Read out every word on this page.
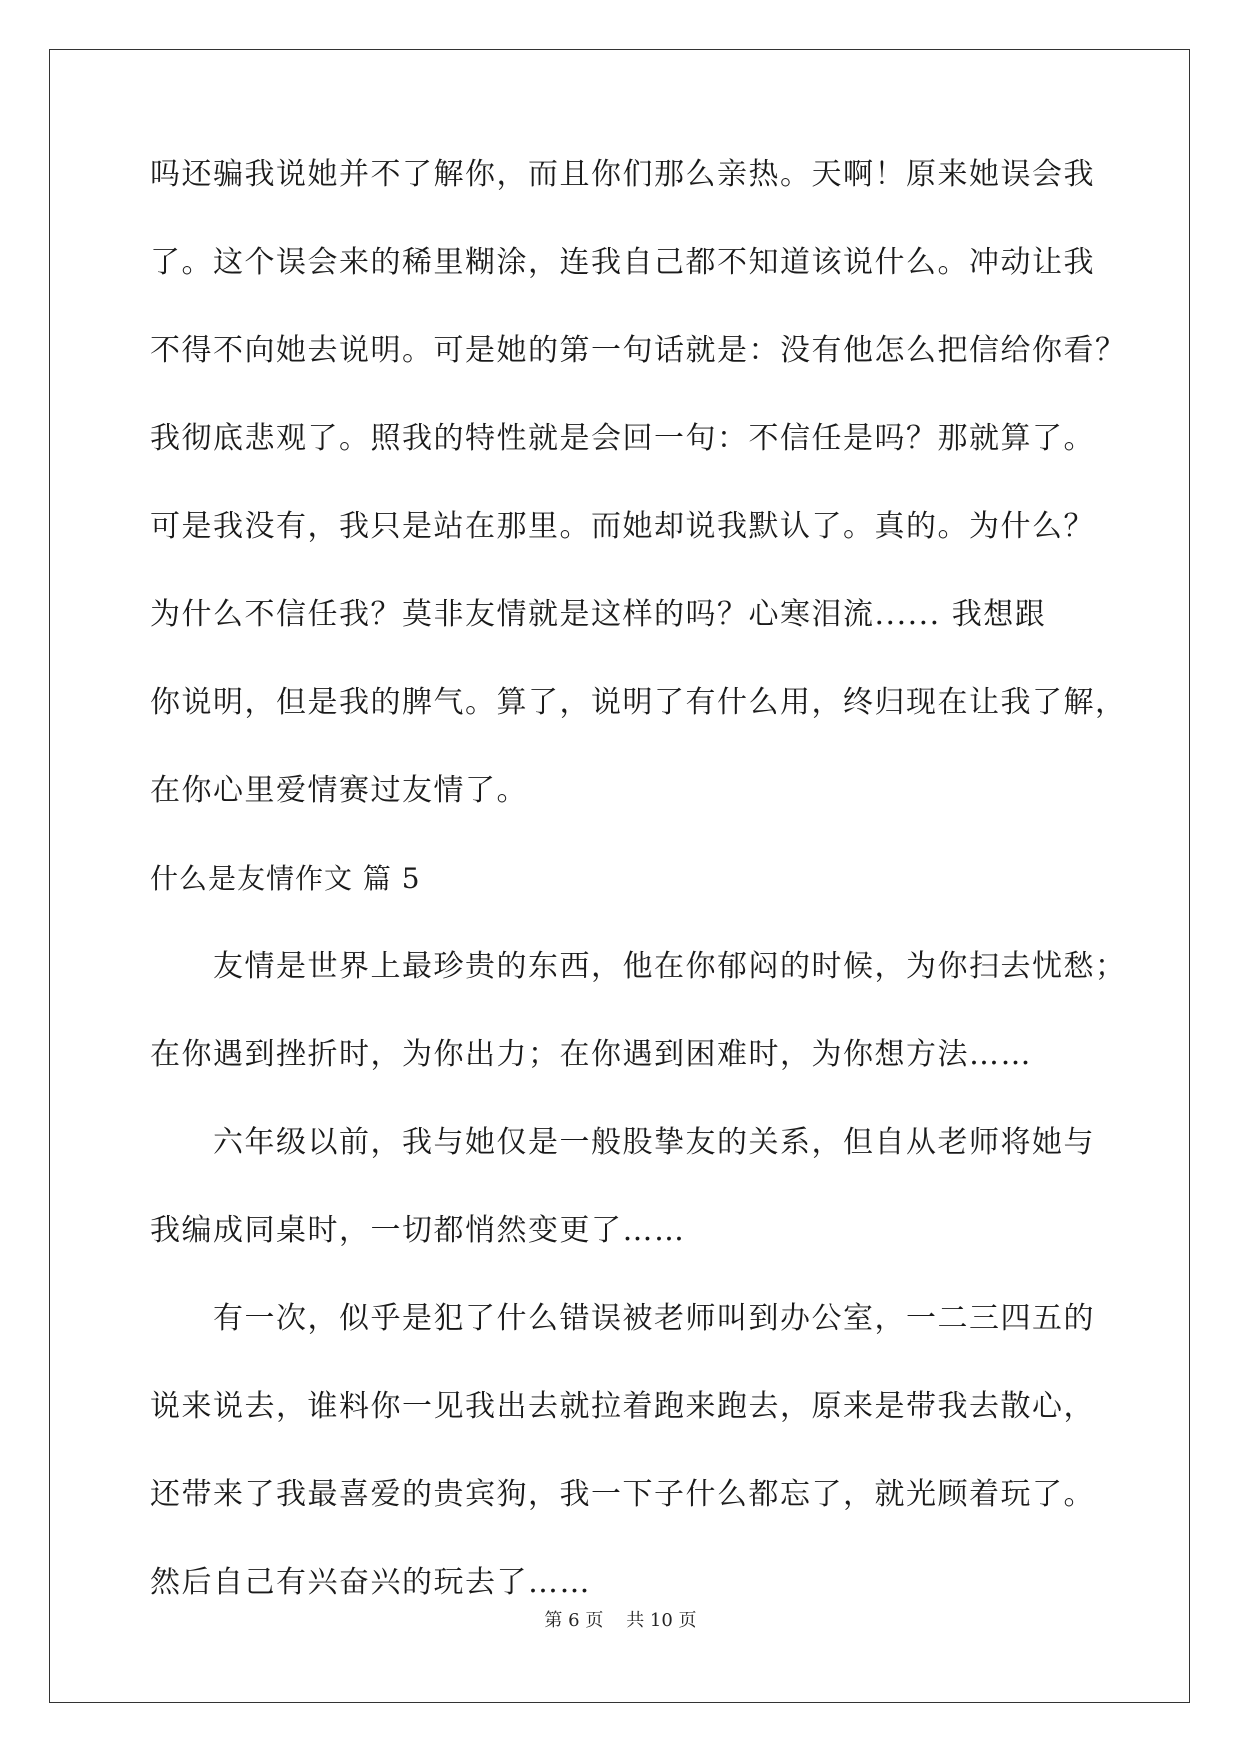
吗还骗我说她并不了解你，而且你们那么亲热。天啊！原来她误会我

了。这个误会来的稀里糊涂，连我自己都不知道该说什么。冲动让我

不得不向她去说明。可是她的第一句话就是：没有他怎么把信给你看？

我彻底悲观了。照我的特性就是会回一句：不信任是吗？那就算了。

可是我没有，我只是站在那里。而她却说我默认了。真的。为什么？

为什么不信任我？莫非友情就是这样的吗？心寒泪流...... 我想跟

你说明，但是我的脾气。算了，说明了有什么用，终归现在让我了解，

在你心里爱情赛过友情了。

什么是友情作文 篇 5

友情是世界上最珍贵的东西，他在你郁闷的时候，为你扫去忧愁；

在你遇到挫折时，为你出力；在你遇到困难时，为你想方法……

六年级以前，我与她仅是一般股挚友的关系，但自从老师将她与

我编成同桌时，一切都悄然变更了……

有一次，似乎是犯了什么错误被老师叫到办公室，一二三四五的

说来说去，谁料你一见我出去就拉着跑来跑去，原来是带我去散心，

还带来了我最喜爱的贵宾狗，我一下子什么都忘了，就光顾着玩了。

然后自己有兴奋兴的玩去了……

第 6 页    共 10 页
